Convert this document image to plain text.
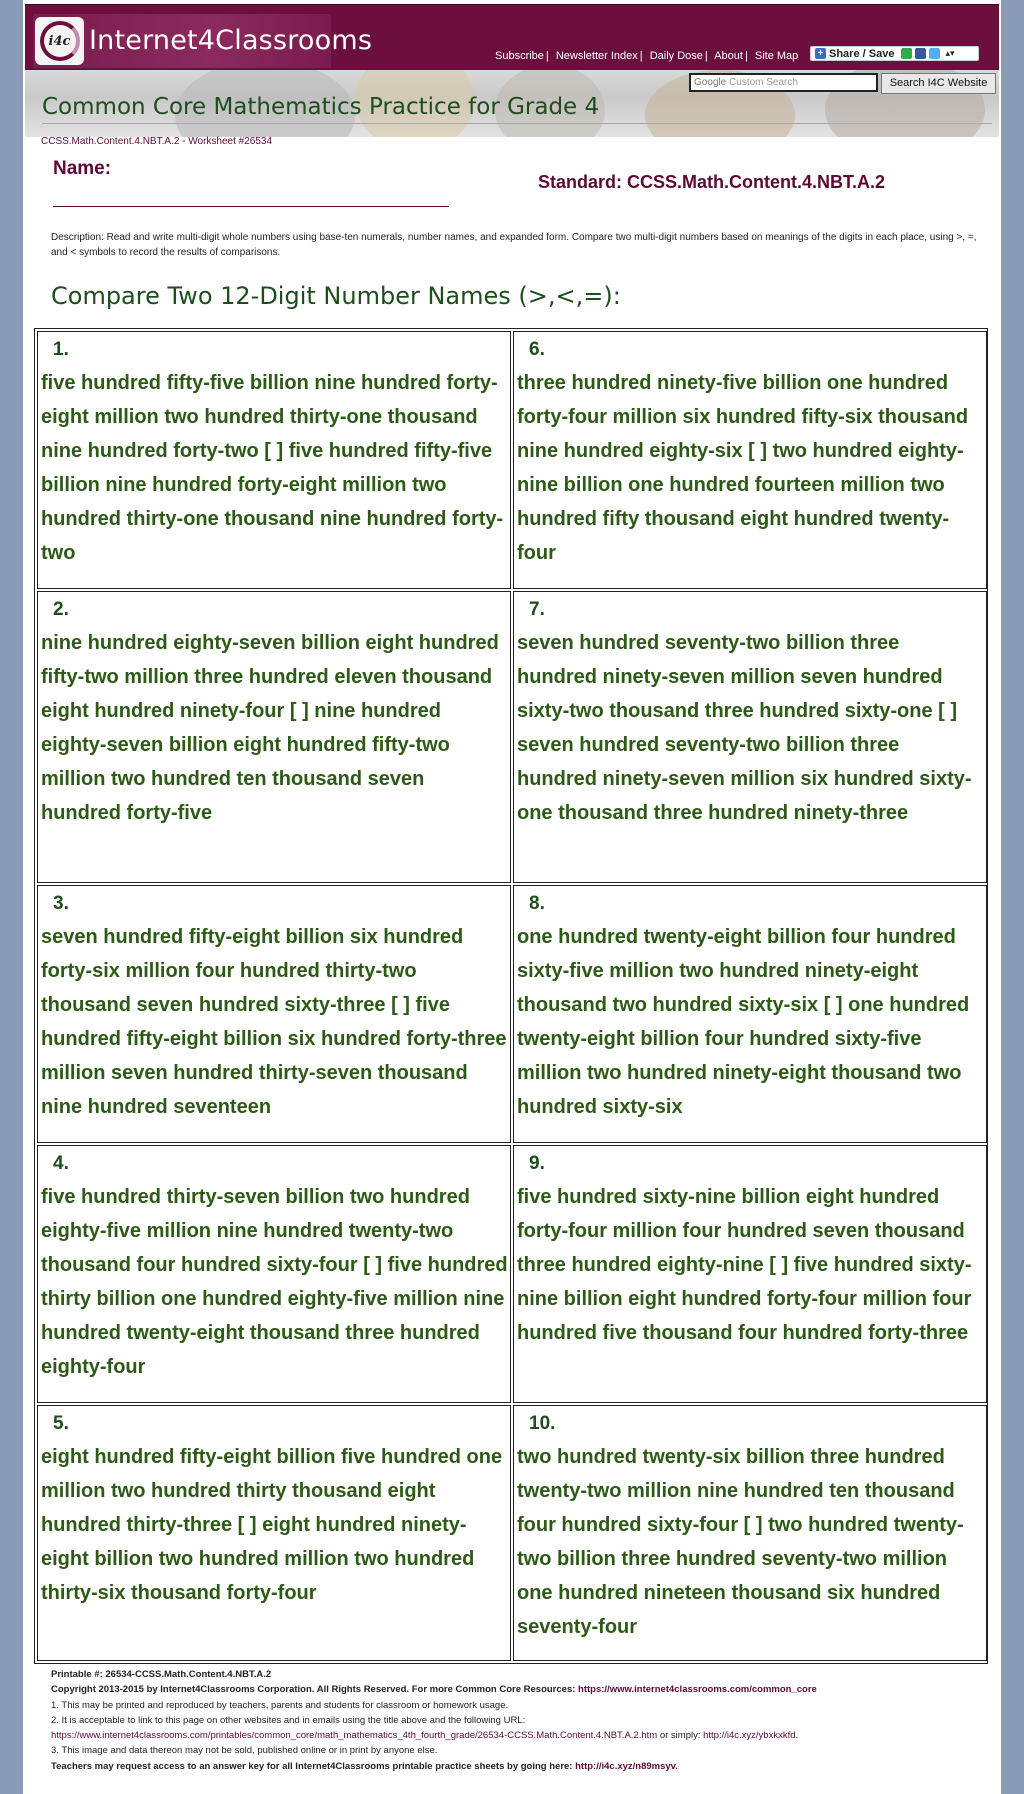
i4c Internet4Classrooms	Subscribe | Newsletter Index | Daily Dose | About | Site Map + Share / Save	▴▾
Common Core Mathematics Practice for Grade 4
Google Custom Search	Search I4C Website
CCSS.Math.Content.4.NBT.A.2 - Worksheet #26534
Name:
Standard: CCSS.Math.Content.4.NBT.A.2
Description: Read and write multi-digit whole numbers using base-ten numerals, number names, and expanded form. Compare two multi-digit numbers based on meanings of the digits in each place, using >, =, and < symbols to record the results of comparisons.
Compare Two 12-Digit Number Names (>,<,=):
1.
five hundred fifty-five billion nine hundred forty-eight million two hundred thirty-one thousand nine hundred forty-two [ ] five hundred fifty-five billion nine hundred forty-eight million two hundred thirty-one thousand nine hundred forty-two
6.
three hundred ninety-five billion one hundred forty-four million six hundred fifty-six thousand nine hundred eighty-six [ ] two hundred eighty-nine billion one hundred fourteen million two hundred fifty thousand eight hundred twenty-four
2.
nine hundred eighty-seven billion eight hundred fifty-two million three hundred eleven thousand eight hundred ninety-four [ ] nine hundred eighty-seven billion eight hundred fifty-two million two hundred ten thousand seven hundred forty-five
7.
seven hundred seventy-two billion three hundred ninety-seven million seven hundred sixty-two thousand three hundred sixty-one [ ] seven hundred seventy-two billion three hundred ninety-seven million six hundred sixty-one thousand three hundred ninety-three
3.
seven hundred fifty-eight billion six hundred forty-six million four hundred thirty-two thousand seven hundred sixty-three [ ] five hundred fifty-eight billion six hundred forty-three million seven hundred thirty-seven thousand nine hundred seventeen
8.
one hundred twenty-eight billion four hundred sixty-five million two hundred ninety-eight thousand two hundred sixty-six [ ] one hundred twenty-eight billion four hundred sixty-five million two hundred ninety-eight thousand two hundred sixty-six
4.
five hundred thirty-seven billion two hundred eighty-five million nine hundred twenty-two thousand four hundred sixty-four [ ] five hundred thirty billion one hundred eighty-five million nine hundred twenty-eight thousand three hundred eighty-four
9.
five hundred sixty-nine billion eight hundred forty-four million four hundred seven thousand three hundred eighty-nine [ ] five hundred sixty-nine billion eight hundred forty-four million four hundred five thousand four hundred forty-three
5.
eight hundred fifty-eight billion five hundred one million two hundred thirty thousand eight hundred thirty-three [ ] eight hundred ninety-eight billion two hundred million two hundred thirty-six thousand forty-four
10.
two hundred twenty-six billion three hundred twenty-two million nine hundred ten thousand four hundred sixty-four [ ] two hundred twenty-two billion three hundred seventy-two million one hundred nineteen thousand six hundred seventy-four
Printable #: 26534-CCSS.Math.Content.4.NBT.A.2
Copyright 2013-2015 by Internet4Classrooms Corporation. All Rights Reserved. For more Common Core Resources: https://www.internet4classrooms.com/common_core
1. This may be printed and reproduced by teachers, parents and students for classroom or homework usage.
2. It is acceptable to link to this page on other websites and in emails using the title above and the following URL:
https://www.internet4classrooms.com/printables/common_core/math_mathematics_4th_fourth_grade/26534-CCSS.Math.Content.4.NBT.A.2.htm or simply: http://i4c.xyz/ybxkxkfd.
3. This image and data thereon may not be sold, published online or in print by anyone else.
Teachers may request access to an answer key for all Internet4Classrooms printable practice sheets by going here: http://i4c.xyz/n89msyv.
